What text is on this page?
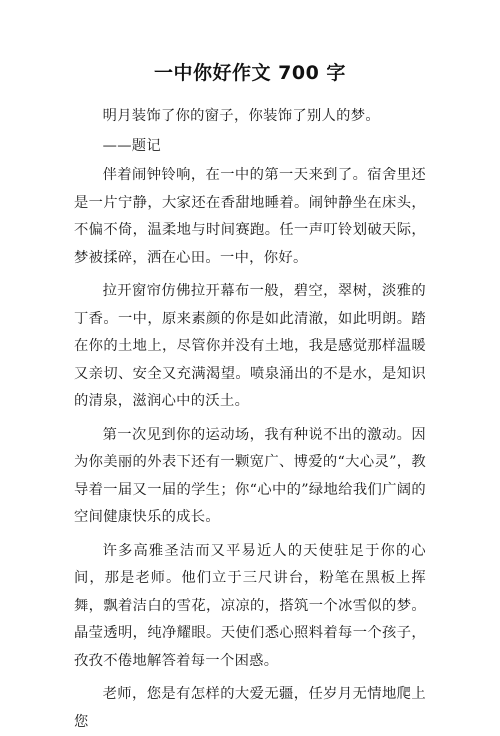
一中你好作文 700 字

明月装饰了你的窗子，你装饰了别人的梦。

——题记

伴着闹钟铃响，在一中的第一天来到了。宿舍里还是一片宁静，大家还在香甜地睡着。闹钟静坐在床头，不偏不倚，温柔地与时间赛跑。任一声叮铃划破天际，梦被揉碎，洒在心田。一中，你好。

拉开窗帘仿佛拉开幕布一般，碧空，翠树，淡雅的丁香。一中，原来素颜的你是如此清澈，如此明朗。踏在你的土地上，尽管你并没有土地，我是感觉那样温暖又亲切、安全又充满渴望。喷泉涌出的不是水，是知识的清泉，滋润心中的沃土。

第一次见到你的运动场，我有种说不出的激动。因为你美丽的外表下还有一颗宽广、博爱的“大心灵”，教导着一届又一届的学生；你“心中的”绿地给我们广阔的空间健康快乐的成长。

许多高雅圣洁而又平易近人的天使驻足于你的心间，那是老师。他们立于三尺讲台，粉笔在黑板上挥舞，飘着洁白的雪花，凉凉的，搭筑一个冰雪似的梦。晶莹透明，纯净耀眼。天使们悉心照料着每一个孩子，孜孜不倦地解答着每一个困惑。

老师，您是有怎样的大爱无疆，任岁月无情地爬上您
